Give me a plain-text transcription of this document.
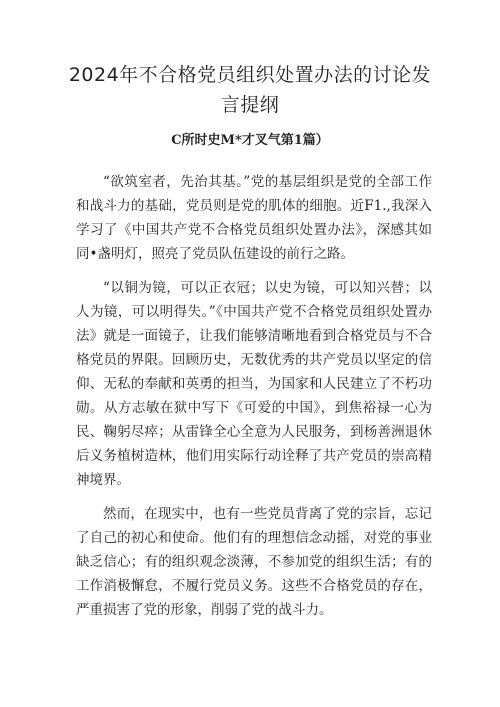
2024年不合格党员组织处置办法的讨论发言提纲
C所时史M*才叉气第1篇）

“欲筑室者，先治其基。”党的基层组织是党的全部工作和战斗力的基础，党员则是党的肌体的细胞。近F1.,我深入学习了《中国共产党不合格党员组织处置办法》，深感其如同•盏明灯，照亮了党员队伍建设的前行之路。

“以铜为镜，可以正衣冠；以史为镜，可以知兴替；以人为镜，可以明得失。”《中国共产党不合格党员组织处置办法》就是一面镜子，让我们能够清晰地看到合格党员与不合格党员的界限。回顾历史，无数优秀的共产党员以坚定的信仰、无私的奉献和英勇的担当，为国家和人民建立了不朽功勋。从方志敏在狱中写下《可爱的中国》，到焦裕禄一心为民、鞠躬尽瘁；从雷锋全心全意为人民服务，到杨善洲退休后义务植树造林，他们用实际行动诠释了共产党员的崇高精神境界。

然而，在现实中，也有一些党员背离了党的宗旨，忘记了自己的初心和使命。他们有的理想信念动摇，对党的事业缺乏信心；有的组织观念淡薄，不参加党的组织生活；有的工作消极懈怠，不履行党员义务。这些不合格党员的存在，严重损害了党的形象，削弱了党的战斗力。
